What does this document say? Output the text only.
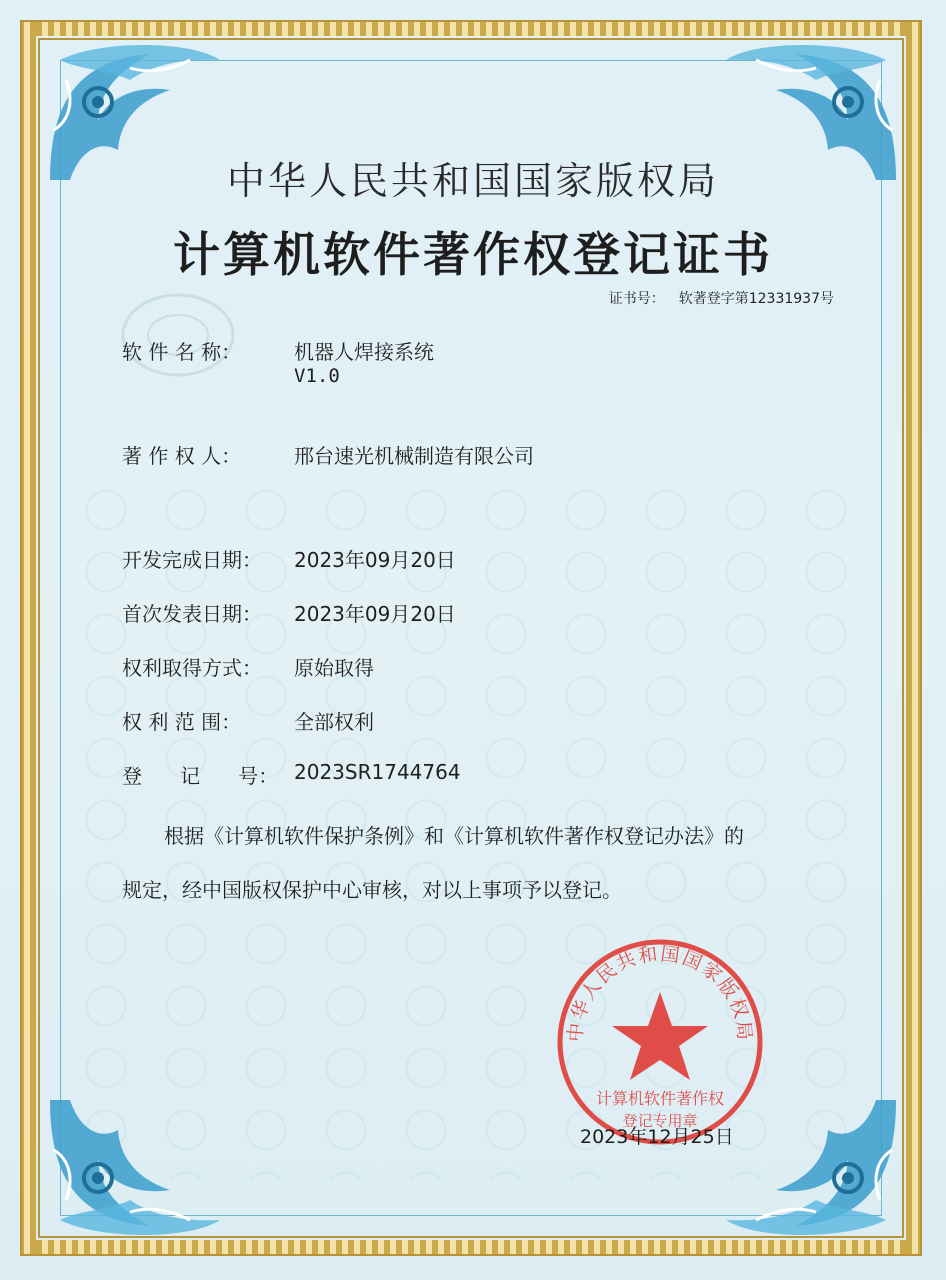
中华人民共和国国家版权局
计算机软件著作权登记证书
证书号： 软著登字第12331937号
软 件 名 称：	机器人焊接系统
V1.0
著 作 权 人：	邢台速光机械制造有限公司
开发完成日期： 2023年09月20日
首次发表日期： 2023年09月20日
权利取得方式： 原始取得
权 利 范 围：	全部权利
登      记      号： 2023SR1744764
根据《计算机软件保护条例》和《计算机软件著作权登记办法》的
规定，经中国版权保护中心审核，对以上事项予以登记。
中华人民共和国国家版权局
计算机软件著作权
登记专用章
2023年12月25日
